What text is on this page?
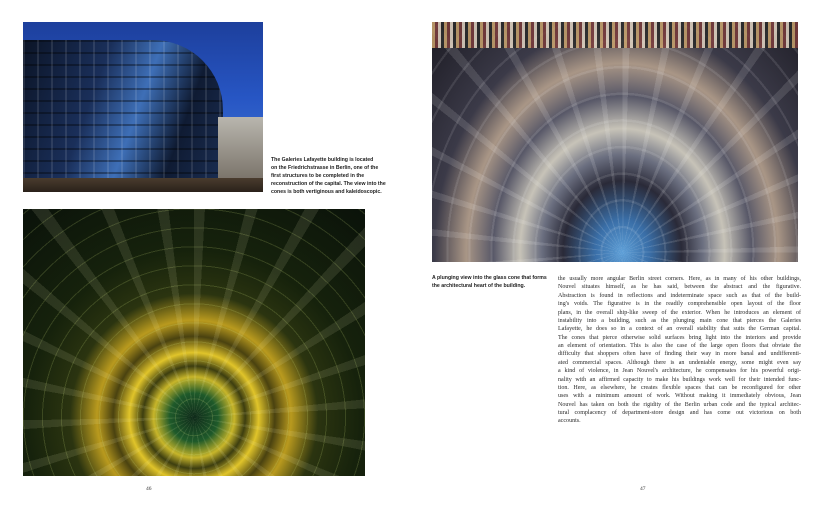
The Galeries Lafayette building is located
on the Friedrichstrasse in Berlin, one of the
first structures to be completed in the
reconstruction of the capital. The view into the
cones is both vertiginous and kaleidoscopic.
46
A plunging view into the glass cone that forms
the architectural heart of the building.
the usually more angular Berlin street corners. Here, as in many of his other buildings,
Nouvel situates himself, as he has said, between the abstract and the figurative.
Abstraction is found in reflections and indeterminate space such as that of the build-
ing's voids. The figurative is in the readily comprehensible open layout of the floor
plans, in the overall ship-like sweep of the exterior. When he introduces an element of
instability into a building, such as the plunging main cone that pierces the Galeries
Lafayette, he does so in a context of an overall stability that suits the German capital.
The cones that pierce otherwise solid surfaces bring light into the interiors and provide
an element of orientation. This is also the case of the large open floors that obviate the
difficulty that shoppers often have of finding their way in more banal and undifferenti-
ated commercial spaces. Although there is an undeniable energy, some might even say
a kind of violence, in Jean Nouvel's architecture, he compensates for his powerful origi-
nality with an affirmed capacity to make his buildings work well for their intended func-
tion. Here, as elsewhere, he creates flexible spaces that can be reconfigured for other
uses with a minimum amount of work. Without making it immediately obvious, Jean
Nouvel has taken on both the rigidity of the Berlin urban code and the typical architec-
tural complacency of department-store design and has come out victorious on both
accounts.
47
